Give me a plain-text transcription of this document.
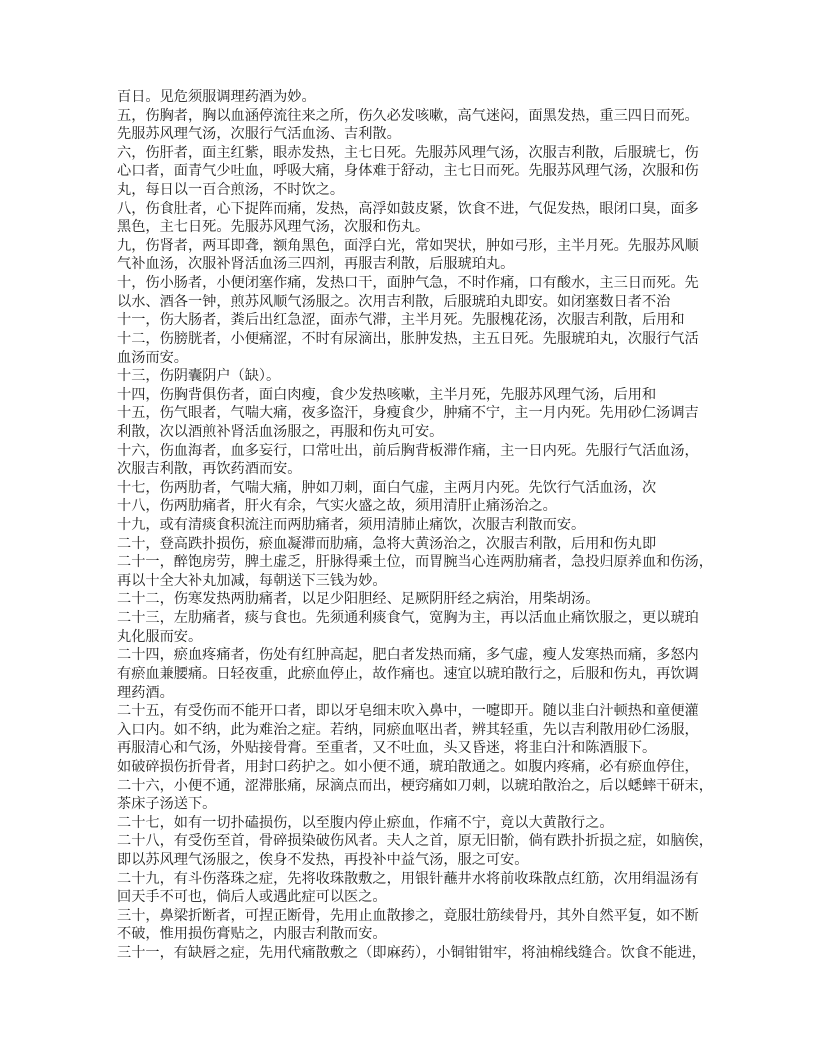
百日。见危须服调理药酒为妙。
五，伤胸者，胸以血涵停流往来之所，伤久必发咳嗽，高气迷闷，面黑发热，重三四日而死。
先服苏风理气汤，次服行气活血汤、吉利散。
六，伤肝者，面主红紫，眼赤发热，主七日死。先服苏风理气汤，次服吉利散，后服琥七，伤
心口者，面青气少吐血，呼吸大痛，身体难于舒动，主七日而死。先服苏风理气汤，次服和伤
丸，每日以一百合煎汤，不时饮之。
八，伤食肚者，心下捉阵而痛，发热，高浮如鼓皮紧，饮食不进，气促发热，眼闭口臭，面多
黑色，主七日死。先服苏风理气汤，次服和伤丸。
九，伤肾者，两耳即聋，额角黑色，面浮白光，常如哭状，肿如弓形，主半月死。先服苏风顺
气补血汤，次服补肾活血汤三四剂，再服吉利散，后服琥珀丸。
十，伤小肠者，小便闭塞作痛，发热口干，面肿气急，不时作痛，口有酸水，主三日而死。先
以水、酒各一钟，煎苏风顺气汤服之。次用吉利散，后服琥珀丸即安。如闭塞数日者不治
十一，伤大肠者，粪后出红急涩，面赤气滞，主半月死。先服槐花汤，次服吉利散，后用和
十二，伤膀胱者，小便痛涩，不时有尿滴出，胀肿发热，主五日死。先服琥珀丸，次服行气活
血汤而安。
十三，伤阴囊阴户（缺）。
十四，伤胸背俱伤者，面白肉瘦，食少发热咳嗽，主半月死，先服苏风理气汤，后用和
十五，伤气眼者，气喘大痛，夜多盗汗，身瘦食少，肿痛不宁，主一月内死。先用砂仁汤调吉
利散，次以酒煎补肾活血汤服之，再服和伤丸可安。
十六，伤血海者，血多妄行，口常吐出，前后胸背板滞作痛，主一日内死。先服行气活血汤，
次服吉利散，再饮药酒而安。
十七，伤两肋者，气喘大痛，肿如刀刺，面白气虚，主两月内死。先饮行气活血汤，次
十八，伤两肋痛者，肝火有余，气实火盛之故，须用清肝止痛汤治之。
十九，或有清痰食积流注而两肋痛者，须用清肺止痛饮，次服吉利散而安。
二十，登高跌扑损伤，瘀血凝滞而肋痛，急将大黄汤治之，次服吉利散，后用和伤丸即
二十一，醉饱房劳，脾土虚乏，肝脉得乘土位，而胃腕当心连两肋痛者，急投归原养血和伤汤，
再以十全大补丸加减，每朝送下三钱为妙。
二十二，伤寒发热两肋痛者，以足少阳胆经、足厥阴肝经之病治，用柴胡汤。
二十三，左肋痛者，痰与食也。先须通利痰食气，宽胸为主，再以活血止痛饮服之，更以琥珀
丸化服而安。
二十四，瘀血疼痛者，伤处有红肿高起，肥白者发热而痛，多气虚，瘦人发寒热而痛，多怒内
有瘀血兼腰痛。日轻夜重，此瘀血停止，故作痛也。速宜以琥珀散行之，后服和伤丸，再饮调
理药酒。
二十五，有受伤而不能开口者，即以牙皂细末吹入鼻中，一嚏即开。随以韭白汁顿热和童便灌
入口内。如不纳，此为难治之症。若纳，同瘀血呕出者，辨其轻重，先以吉利散用砂仁汤服，
再服清心和气汤，外贴接骨膏。至重者，又不吐血，头又昏迷，将韭白汁和陈酒服下。
如破碎损伤折骨者，用封口药护之。如小便不通，琥珀散通之。如腹内疼痛，必有瘀血停住，
二十六，小便不通，涩滞胀痛，尿滴点而出，梗窍痛如刀刺，以琥珀散治之，后以蟋蟀干研末，
茶床子汤送下。
二十七，如有一切扑磕损伤，以至腹内停止瘀血，作痛不宁，竟以大黄散行之。
二十八，有受伤至首，骨碎损染破伤风者。夫人之首，原无旧骱，倘有跌扑折损之症，如脑俟，
即以苏风理气汤服之，俟身不发热，再投补中益气汤，服之可安。
二十九，有斗伤落珠之症，先将收珠散敷之，用银针蘸井水将前收珠散点红筋，次用绢温汤有
回天手不可也，倘后人或遇此症可以医之。
三十，鼻梁折断者，可捏正断骨，先用止血散掺之，竟服壮筋续骨丹，其外自然平复，如不断
不破，惟用损伤膏贴之，内服吉利散而安。
三十一，有缺唇之症，先用代痛散敷之（即麻药），小铜钳钳牢，将油棉线缝合。饮食不能进，
